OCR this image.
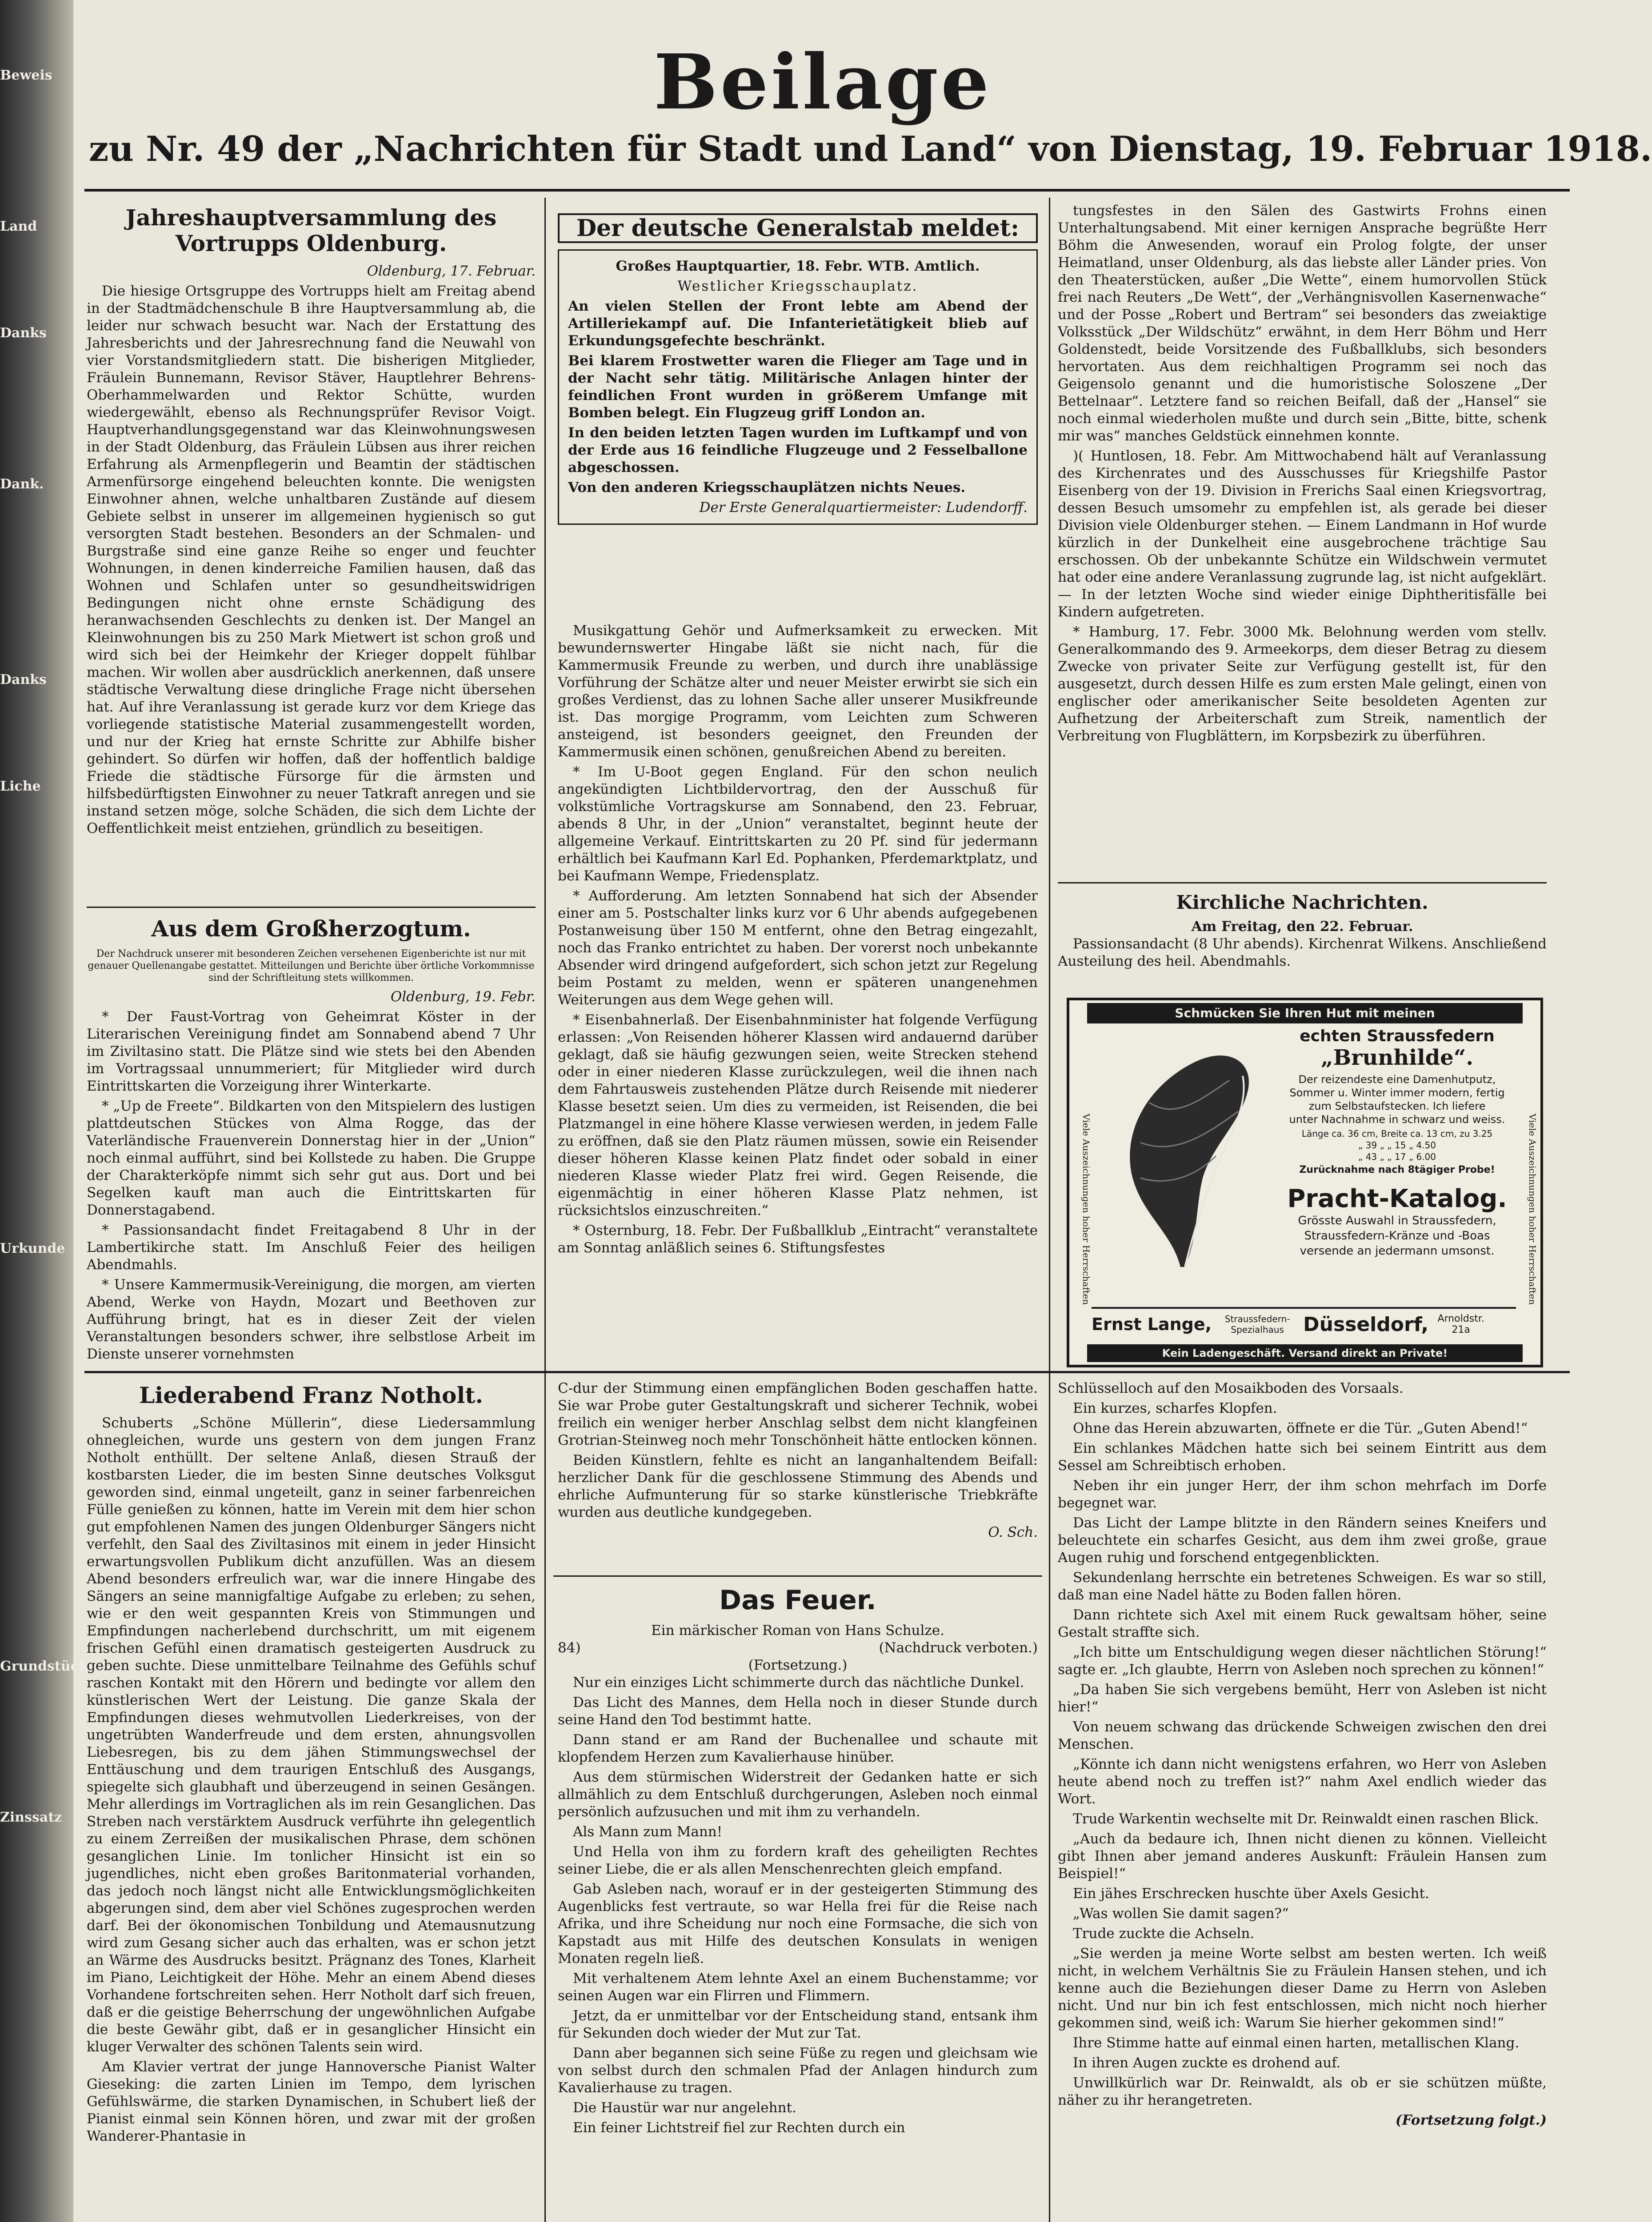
Beweis
Land
Danks
Dank.
Danks
Liche
Urkunde
Grundstücke
Zinssatz
Beilage
zu Nr. 49 der „Nachrichten für Stadt und Land“ von Dienstag, 19. Februar 1918.
Jahreshauptversammlung des Vortrupps Oldenburg.
Oldenburg, 17. Februar.

Die hiesige Ortsgruppe des Vortrupps hielt am Freitag abend in der Stadtmädchenschule B ihre Hauptversammlung ab, die leider nur schwach besucht war. Nach der Erstattung des Jahresberichts und der Jahresrechnung fand die Neuwahl von vier Vorstandsmitgliedern statt. Die bisherigen Mitglieder, Fräulein Bunnemann, Revisor Stäver, Hauptlehrer Behrens-Oberhammelwarden und Rektor Schütte, wurden wiedergewählt, ebenso als Rechnungsprüfer Revisor Voigt. Hauptverhandlungsgegenstand war das Kleinwohnungswesen in der Stadt Oldenburg, das Fräulein Lübsen aus ihrer reichen Erfahrung als Armenpflegerin und Beamtin der städtischen Armenfürsorge eingehend beleuchten konnte. Die wenigsten Einwohner ahnen, welche unhaltbaren Zustände auf diesem Gebiete selbst in unserer im allgemeinen hygienisch so gut versorgten Stadt bestehen. Besonders an der Schmalen- und Burgstraße sind eine ganze Reihe so enger und feuchter Wohnungen, in denen kinderreiche Familien hausen, daß das Wohnen und Schlafen unter so gesundheitswidrigen Bedingungen nicht ohne ernste Schädigung des heranwachsenden Geschlechts zu denken ist. Der Mangel an Kleinwohnungen bis zu 250 Mark Mietwert ist schon groß und wird sich bei der Heimkehr der Krieger doppelt fühlbar machen. Wir wollen aber ausdrücklich anerkennen, daß unsere städtische Verwaltung diese dringliche Frage nicht übersehen hat. Auf ihre Veranlassung ist gerade kurz vor dem Kriege das vorliegende statistische Material zusammengestellt worden, und nur der Krieg hat ernste Schritte zur Abhilfe bisher gehindert. So dürfen wir hoffen, daß der hoffentlich baldige Friede die städtische Fürsorge für die ärmsten und hilfsbedürftigsten Einwohner zu neuer Tatkraft anregen und sie instand setzen möge, solche Schäden, die sich dem Lichte der Oeffentlichkeit meist entziehen, gründlich zu beseitigen.

Aus dem Großherzogtum.
Der Nachdruck unserer mit besonderen Zeichen versehenen Eigenberichte ist nur mit genauer Quellenangabe gestattet. Mitteilungen und Berichte über örtliche Vorkommnisse sind der Schriftleitung stets willkommen.
Oldenburg, 19. Febr.

* Der Faust-Vortrag von Geheimrat Köster in der Literarischen Vereinigung findet am Sonnabend abend 7 Uhr im Ziviltasino statt. Die Plätze sind wie stets bei den Abenden im Vortragssaal unnummeriert; für Mitglieder wird durch Eintrittskarten die Vorzeigung ihrer Winterkarte.

* „Up de Freete“. Bildkarten von den Mitspielern des lustigen plattdeutschen Stückes von Alma Rogge, das der Vaterländische Frauenverein Donnerstag hier in der „Union“ noch einmal aufführt, sind bei Kollstede zu haben. Die Gruppe der Charakterköpfe nimmt sich sehr gut aus. Dort und bei Segelken kauft man auch die Eintrittskarten für Donnerstagabend.

* Passionsandacht findet Freitagabend 8 Uhr in der Lambertikirche statt. Im Anschluß Feier des heiligen Abendmahls.

* Unsere Kammermusik-Vereinigung, die morgen, am vierten Abend, Werke von Haydn, Mozart und Beethoven zur Aufführung bringt, hat es in dieser Zeit der vielen Veranstaltungen besonders schwer, ihre selbstlose Arbeit im Dienste unserer vornehmsten

Der deutsche Generalstab meldet:

Großes Hauptquartier, 18. Febr. WTB. Amtlich.

Westlicher Kriegsschauplatz.

An vielen Stellen der Front lebte am Abend der Artilleriekampf auf. Die Infanterietätigkeit blieb auf Erkundungsgefechte beschränkt.

Bei klarem Frostwetter waren die Flieger am Tage und in der Nacht sehr tätig. Militärische Anlagen hinter der feindlichen Front wurden in größerem Umfange mit Bomben belegt. Ein Flugzeug griff London an.

In den beiden letzten Tagen wurden im Luftkampf und von der Erde aus 16 feindliche Flugzeuge und 2 Fesselballone abgeschossen.

Von den anderen Kriegsschauplätzen nichts Neues.

Der Erste Generalquartiermeister: Ludendorff.

Musikgattung Gehör und Aufmerksamkeit zu erwecken. Mit bewundernswerter Hingabe läßt sie nicht nach, für die Kammermusik Freunde zu werben, und durch ihre unablässige Vorführung der Schätze alter und neuer Meister erwirbt sie sich ein großes Verdienst, das zu lohnen Sache aller unserer Musikfreunde ist. Das morgige Programm, vom Leichten zum Schweren ansteigend, ist besonders geeignet, den Freunden der Kammermusik einen schönen, genußreichen Abend zu bereiten.

* Im U-Boot gegen England. Für den schon neulich angekündigten Lichtbildervortrag, den der Ausschuß für volkstümliche Vortragskurse am Sonnabend, den 23. Februar, abends 8 Uhr, in der „Union“ veranstaltet, beginnt heute der allgemeine Verkauf. Eintrittskarten zu 20 Pf. sind für jedermann erhältlich bei Kaufmann Karl Ed. Pophanken, Pferdemarktplatz, und bei Kaufmann Wempe, Friedensplatz.

* Aufforderung. Am letzten Sonnabend hat sich der Absender einer am 5. Postschalter links kurz vor 6 Uhr abends aufgegebenen Postanweisung über 150 M entfernt, ohne den Betrag eingezahlt, noch das Franko entrichtet zu haben. Der vorerst noch unbekannte Absender wird dringend aufgefordert, sich schon jetzt zur Regelung beim Postamt zu melden, wenn er späteren unangenehmen Weiterungen aus dem Wege gehen will.

* Eisenbahnerlaß. Der Eisenbahnminister hat folgende Verfügung erlassen: „Von Reisenden höherer Klassen wird andauernd darüber geklagt, daß sie häufig gezwungen seien, weite Strecken stehend oder in einer niederen Klasse zurückzulegen, weil die ihnen nach dem Fahrtausweis zustehenden Plätze durch Reisende mit niederer Klasse besetzt seien. Um dies zu vermeiden, ist Reisenden, die bei Platzmangel in eine höhere Klasse verwiesen werden, in jedem Falle zu eröffnen, daß sie den Platz räumen müssen, sowie ein Reisender dieser höheren Klasse keinen Platz findet oder sobald in einer niederen Klasse wieder Platz frei wird. Gegen Reisende, die eigenmächtig in einer höheren Klasse Platz nehmen, ist rücksichtslos einzuschreiten.“

* Osternburg, 18. Febr. Der Fußballklub „Eintracht“ veranstaltete am Sonntag anläßlich seines 6. Stiftungsfestes

tungsfestes in den Sälen des Gastwirts Frohns einen Unterhaltungsabend. Mit einer kernigen Ansprache begrüßte Herr Böhm die Anwesenden, worauf ein Prolog folgte, der unser Heimatland, unser Oldenburg, als das liebste aller Länder pries. Von den Theaterstücken, außer „Die Wette“, einem humorvollen Stück frei nach Reuters „De Wett“, der „Verhängnisvollen Kasernenwache“ und der Posse „Robert und Bertram“ sei besonders das zweiaktige Volksstück „Der Wildschütz“ erwähnt, in dem Herr Böhm und Herr Goldenstedt, beide Vorsitzende des Fußballklubs, sich besonders hervortaten. Aus dem reichhaltigen Programm sei noch das Geigensolo genannt und die humoristische Soloszene „Der Bettelnaar“. Letztere fand so reichen Beifall, daß der „Hansel“ sie noch einmal wiederholen mußte und durch sein „Bitte, bitte, schenk mir was“ manches Geldstück einnehmen konnte.

)( Huntlosen, 18. Febr. Am Mittwochabend hält auf Veranlassung des Kirchenrates und des Ausschusses für Kriegshilfe Pastor Eisenberg von der 19. Division in Frerichs Saal einen Kriegsvortrag, dessen Besuch umsomehr zu empfehlen ist, als gerade bei dieser Division viele Oldenburger stehen. — Einem Landmann in Hof wurde kürzlich in der Dunkelheit eine ausgebrochene trächtige Sau erschossen. Ob der unbekannte Schütze ein Wildschwein vermutet hat oder eine andere Veranlassung zugrunde lag, ist nicht aufgeklärt. — In der letzten Woche sind wieder einige Diphtheritisfälle bei Kindern aufgetreten.

* Hamburg, 17. Febr. 3000 Mk. Belohnung werden vom stellv. Generalkommando des 9. Armeekorps, dem dieser Betrag zu diesem Zwecke von privater Seite zur Verfügung gestellt ist, für den ausgesetzt, durch dessen Hilfe es zum ersten Male gelingt, einen von englischer oder amerikanischer Seite besoldeten Agenten zur Aufhetzung der Arbeiterschaft zum Streik, namentlich der Verbreitung von Flugblättern, im Korpsbezirk zu überführen.

Kirchliche Nachrichten.
Am Freitag, den 22. Februar.

Passionsandacht (8 Uhr abends). Kirchenrat Wilkens. Anschließend Austeilung des heil. Abendmahls.

Viele Auszeichnungen hoher Herrschaften	Viele Auszeichnungen hoher Herrschaften
Schmücken Sie Ihren Hut mit meinen
echten Straussfedern
„Brunhilde“.
Der reizendeste eine Damenhutputz, Sommer u. Winter immer modern, fertig zum Selbstaufstecken. Ich liefere
unter Nachnahme in schwarz und weiss.
Länge ca. 36 cm, Breite ca. 13 cm, zu 3.25
„ 39 „ „ 15 „ 4.50
„ 43 „ „ 17 „ 6.00
Zurücknahme nach 8tägiger Probe!
Pracht-Katalog.
Grösste Auswahl in Straussfedern, Straussfedern-Kränze und -Boas versende an jedermann umsonst.
Ernst Lange,	Straussfedern-Spezialhaus Düsseldorf, Arnoldstr. 21a
Kein Ladengeschäft. Versand direkt an Private!
Liederabend Franz Notholt.

Schuberts „Schöne Müllerin“, diese Liedersammlung ohnegleichen, wurde uns gestern von dem jungen Franz Notholt enthüllt. Der seltene Anlaß, diesen Strauß der kostbarsten Lieder, die im besten Sinne deutsches Volksgut geworden sind, einmal ungeteilt, ganz in seiner farbenreichen Fülle genießen zu können, hatte im Verein mit dem hier schon gut empfohlenen Namen des jungen Oldenburger Sängers nicht verfehlt, den Saal des Ziviltasinos mit einem in jeder Hinsicht erwartungsvollen Publikum dicht anzufüllen. Was an diesem Abend besonders erfreulich war, war die innere Hingabe des Sängers an seine mannigfaltige Aufgabe zu erleben; zu sehen, wie er den weit gespannten Kreis von Stimmungen und Empfindungen nacherlebend durchschritt, um mit eigenem frischen Gefühl einen dramatisch gesteigerten Ausdruck zu geben suchte. Diese unmittelbare Teilnahme des Gefühls schuf raschen Kontakt mit den Hörern und bedingte vor allem den künstlerischen Wert der Leistung. Die ganze Skala der Empfindungen dieses wehmutvollen Liederkreises, von der ungetrübten Wanderfreude und dem ersten, ahnungsvollen Liebesregen, bis zu dem jähen Stimmungswechsel der Enttäuschung und dem traurigen Entschluß des Ausgangs, spiegelte sich glaubhaft und überzeugend in seinen Gesängen. Mehr allerdings im Vortraglichen als im rein Gesanglichen. Das Streben nach verstärktem Ausdruck verführte ihn gelegentlich zu einem Zerreißen der musikalischen Phrase, dem schönen gesanglichen Linie. Im tonlicher Hinsicht ist ein so jugendliches, nicht eben großes Baritonmaterial vorhanden, das jedoch noch längst nicht alle Entwicklungsmöglichkeiten abgerungen sind, dem aber viel Schönes zugesprochen werden darf. Bei der ökonomischen Tonbildung und Atemausnutzung wird zum Gesang sicher auch das erhalten, was er schon jetzt an Wärme des Ausdrucks besitzt. Prägnanz des Tones, Klarheit im Piano, Leichtigkeit der Höhe. Mehr an einem Abend dieses Vorhandene fortschreiten sehen. Herr Notholt darf sich freuen, daß er die geistige Beherrschung der ungewöhnlichen Aufgabe die beste Gewähr gibt, daß er in gesanglicher Hinsicht ein kluger Verwalter des schönen Talents sein wird.

Am Klavier vertrat der junge Hannoversche Pianist Walter Gieseking: die zarten Linien im Tempo, dem lyrischen Gefühlswärme, die starken Dynamischen, in Schubert ließ der Pianist einmal sein Können hören, und zwar mit der großen Wanderer-Phantasie in

C-dur der Stimmung einen empfänglichen Boden geschaffen hatte. Sie war Probe guter Gestaltungskraft und sicherer Technik, wobei freilich ein weniger herber Anschlag selbst dem nicht klangfeinen Grotrian-Steinweg noch mehr Tonschönheit hätte entlocken können.

Beiden Künstlern, fehlte es nicht an langanhaltendem Beifall: herzlicher Dank für die geschlossene Stimmung des Abends und ehrliche Aufmunterung für so starke künstlerische Triebkräfte wurden aus deutliche kundgegeben.

O. Sch.
Das Feuer.
Ein märkischer Roman von Hans Schulze.
84)	(Nachdruck verboten.)
(Fortsetzung.)

Nur ein einziges Licht schimmerte durch das nächtliche Dunkel.

Das Licht des Mannes, dem Hella noch in dieser Stunde durch seine Hand den Tod bestimmt hatte.

Dann stand er am Rand der Buchenallee und schaute mit klopfendem Herzen zum Kavalierhause hinüber.

Aus dem stürmischen Widerstreit der Gedanken hatte er sich allmählich zu dem Entschluß durchgerungen, Asleben noch einmal persönlich aufzusuchen und mit ihm zu verhandeln.

Als Mann zum Mann!

Und Hella von ihm zu fordern kraft des geheiligten Rechtes seiner Liebe, die er als allen Menschenrechten gleich empfand.

Gab Asleben nach, worauf er in der gesteigerten Stimmung des Augenblicks fest vertraute, so war Hella frei für die Reise nach Afrika, und ihre Scheidung nur noch eine Formsache, die sich von Kapstadt aus mit Hilfe des deutschen Konsulats in wenigen Monaten regeln ließ.

Mit verhaltenem Atem lehnte Axel an einem Buchenstamme; vor seinen Augen war ein Flirren und Flimmern.

Jetzt, da er unmittelbar vor der Entscheidung stand, entsank ihm für Sekunden doch wieder der Mut zur Tat.

Dann aber begannen sich seine Füße zu regen und gleichsam wie von selbst durch den schmalen Pfad der Anlagen hindurch zum Kavalierhause zu tragen.

Die Haustür war nur angelehnt.

Ein feiner Lichtstreif fiel zur Rechten durch ein

Schlüsselloch auf den Mosaikboden des Vorsaals.

Ein kurzes, scharfes Klopfen.

Ohne das Herein abzuwarten, öffnete er die Tür. „Guten Abend!“

Ein schlankes Mädchen hatte sich bei seinem Eintritt aus dem Sessel am Schreibtisch erhoben.

Neben ihr ein junger Herr, der ihm schon mehrfach im Dorfe begegnet war.

Das Licht der Lampe blitzte in den Rändern seines Kneifers und beleuchtete ein scharfes Gesicht, aus dem ihm zwei große, graue Augen ruhig und forschend entgegenblickten.

Sekundenlang herrschte ein betretenes Schweigen. Es war so still, daß man eine Nadel hätte zu Boden fallen hören.

Dann richtete sich Axel mit einem Ruck gewaltsam höher, seine Gestalt straffte sich.

„Ich bitte um Entschuldigung wegen dieser nächtlichen Störung!“ sagte er. „Ich glaubte, Herrn von Asleben noch sprechen zu können!“

„Da haben Sie sich vergebens bemüht, Herr von Asleben ist nicht hier!“

Von neuem schwang das drückende Schweigen zwischen den drei Menschen.

„Könnte ich dann nicht wenigstens erfahren, wo Herr von Asleben heute abend noch zu treffen ist?“ nahm Axel endlich wieder das Wort.

Trude Warkentin wechselte mit Dr. Reinwaldt einen raschen Blick.

„Auch da bedaure ich, Ihnen nicht dienen zu können. Vielleicht gibt Ihnen aber jemand anderes Auskunft: Fräulein Hansen zum Beispiel!“

Ein jähes Erschrecken huschte über Axels Gesicht.

„Was wollen Sie damit sagen?“

Trude zuckte die Achseln.

„Sie werden ja meine Worte selbst am besten werten. Ich weiß nicht, in welchem Verhältnis Sie zu Fräulein Hansen stehen, und ich kenne auch die Beziehungen dieser Dame zu Herrn von Asleben nicht. Und nur bin ich fest entschlossen, mich nicht noch hierher gekommen sind, weiß ich: Warum Sie hierher gekommen sind!“

Ihre Stimme hatte auf einmal einen harten, metallischen Klang.

In ihren Augen zuckte es drohend auf.

Unwillkürlich war Dr. Reinwaldt, als ob er sie schützen müßte, näher zu ihr herangetreten.

(Fortsetzung folgt.)
